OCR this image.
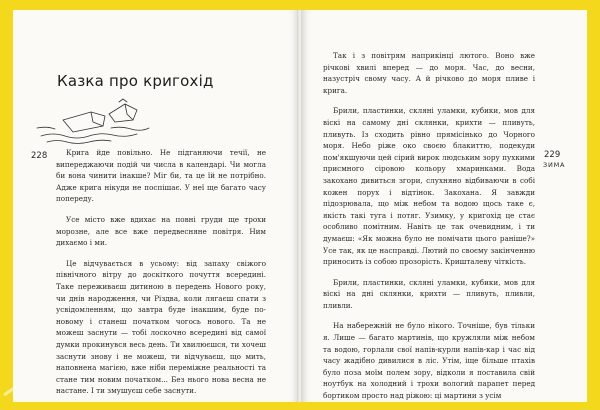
Казка про кригохід
228	Крига йде повільно. Не підганяючи течії, не випереджаючи подій чи числа в календарі. Чи могла би вона чинити інакше? Міг би, та це їй не потрібно. Адже крига нікуди не поспішає. У неї ще багато часу попереду.

Усе місто вже вдихає на повні груди ще трохи морозне, але все вже передвесняне повітря. Ним дихаємо і ми.

Це відчувається в усьому: від запаху свіжого північного вітру до доскіткого почуття всередині. Таке переживаєш дитиною в передень Нового року, чи днів народження, чи Різдва, коли лягаєш спати з усвідомленням, що завтра буде інакшим, буде по-новому і станеш початком чогось нового. Та не можеш заснути — тобі лоскочно всередині від самої думки прокинувся весь день. Ти хвилюєшся, ти хочеш заснути знову і не можеш, ти відчуваєш, що мить, наповнена магією, вже ніби переміжне реальності та стане тим новим початком... Без нього нова весна не настане. І ти змушуєш себе заснути.

229
ЗИМА

Так і з повітрям наприкінці лютого. Воно вже річкові хвилі вперед — до моря. Час, до весни, назустріч свому часу. А й річково до моря пливе і крига.

Брили, пластинки, скляні уламки, кубики, мов для віскі на самому дні склянки, крихти — пливуть, пливуть. Із сходить рівно прямісінько до Чорного моря. Небо ріже око своєю блакиттю, подекуди пом'якшуючи цей сірий вирок людським зору пухкими присмного сіровою кольору хмаринками. Вода закохано дивиться згори, слухняно відбиваючи в собі кожен порух і відтінок. Закохана. Я завжди підозрювала, що між небом та водою щось таке є, якість такі туга і потяг. Узимку, у кригохід це стає особливо помітним. Навіть це так очевидним, і ти думаєш: «Як можна було не помічати цього раніше?» Усе так, як це насправді. Лютий по своєму закінченню приносить із собою прозорість. Кришталеву чіткість.

Брили, пластинки, скляні уламки, кубики, мов для віскі на дні склянки, крихти — пливуть, пливли, пливли.

На набережній не було нікого. Точніше, був тільки я. Лише — багато мартинів, що кружляли між небом та водою, горлали свої напів-курли напів-кар і час від часу жадібно дивилися в ліс. Утім, іще більше птахів було поза моїм полем зору, відколи я поставила свій ноутбук на холодний і трохи вологий парапет перед бортиком просто над ріжою: ці мартини з усім
